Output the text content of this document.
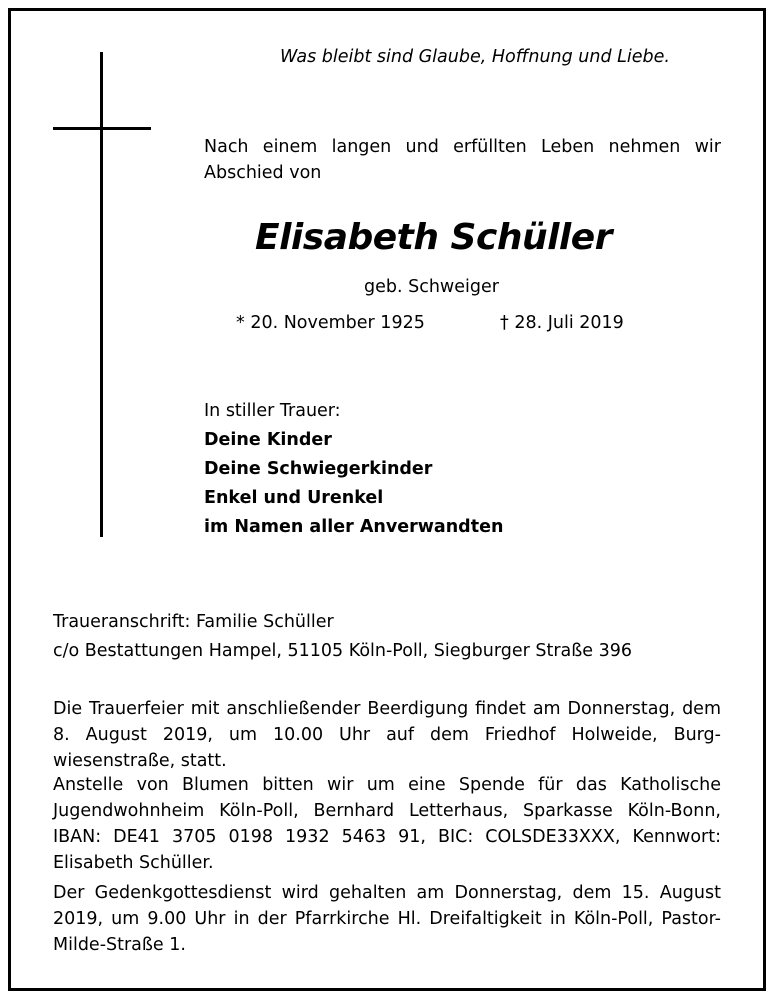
Was bleibt sind Glaube, Hoffnung und Liebe.
Nach einem langen und erfüllten Leben nehmen wir Abschied von
Elisabeth Schüller
geb. Schweiger
* 20. November 1925	† 28. Juli 2019
In stiller Trauer:
Deine Kinder
Deine Schwiegerkinder
Enkel und Urenkel
im Namen aller Anverwandten
Traueranschrift: Familie Schüller
c/o Bestattungen Hampel, 51105 Köln-Poll, Siegburger Straße 396
Die Trauerfeier mit anschließender Beerdigung findet am Donnerstag, dem 8. August 2019, um 10.00 Uhr auf dem Friedhof Holweide, Burgwiesenstraße, statt.
Anstelle von Blumen bitten wir um eine Spende für das Katholische Jugendwohnheim Köln-Poll, Bernhard Letterhaus, Sparkasse Köln-Bonn, IBAN: DE41 3705 0198 1932 5463 91, BIC: COLSDE33XXX, Kennwort: Elisabeth Schüller.
Der Gedenkgottesdienst wird gehalten am Donnerstag, dem 15. August 2019, um 9.00 Uhr in der Pfarrkirche Hl. Dreifaltigkeit in Köln-Poll, Pastor-Milde-Straße 1.
